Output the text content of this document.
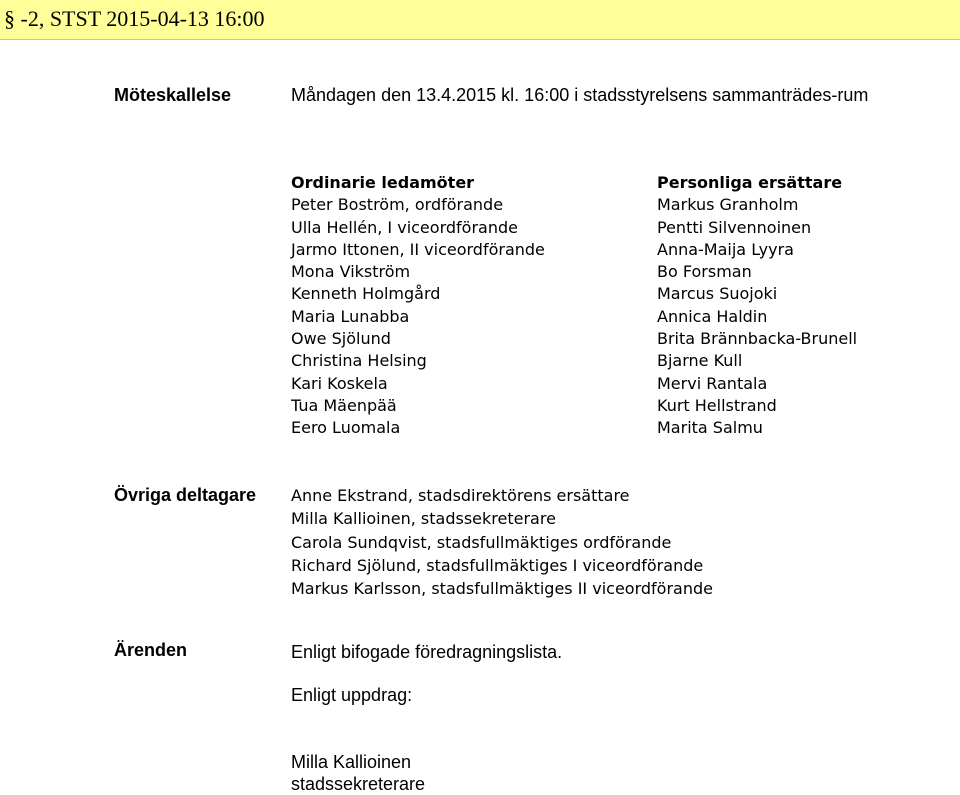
§ -2, STST 2015-04-13 16:00
Möteskallelse	Måndagen den 13.4.2015 kl. 16:00 i stadsstyrelsens sammanträdes-rum
Ordinarie ledamöter
Peter Boström, ordförande
Ulla Hellén, I viceordförande
Jarmo Ittonen, II viceordförande
Mona Vikström
Kenneth Holmgård
Maria Lunabba
Owe Sjölund
Christina Helsing
Kari Koskela
Tua Mäenpää
Eero Luomala
Personliga ersättare
Markus Granholm
Pentti Silvennoinen
Anna-Maija Lyyra
Bo Forsman
Marcus Suojoki
Annica Haldin
Brita Brännbacka-Brunell
Bjarne Kull
Mervi Rantala
Kurt Hellstrand
Marita Salmu
Övriga deltagare Anne Ekstrand, stadsdirektörens ersättare
Milla Kallioinen, stadssekreterare
Carola Sundqvist, stadsfullmäktiges ordförande
Richard Sjölund, stadsfullmäktiges I viceordförande
Markus Karlsson, stadsfullmäktiges II viceordförande
Ärenden	Enligt bifogade föredragningslista.
Enligt uppdrag:
Milla Kallioinen
stadssekreterare
